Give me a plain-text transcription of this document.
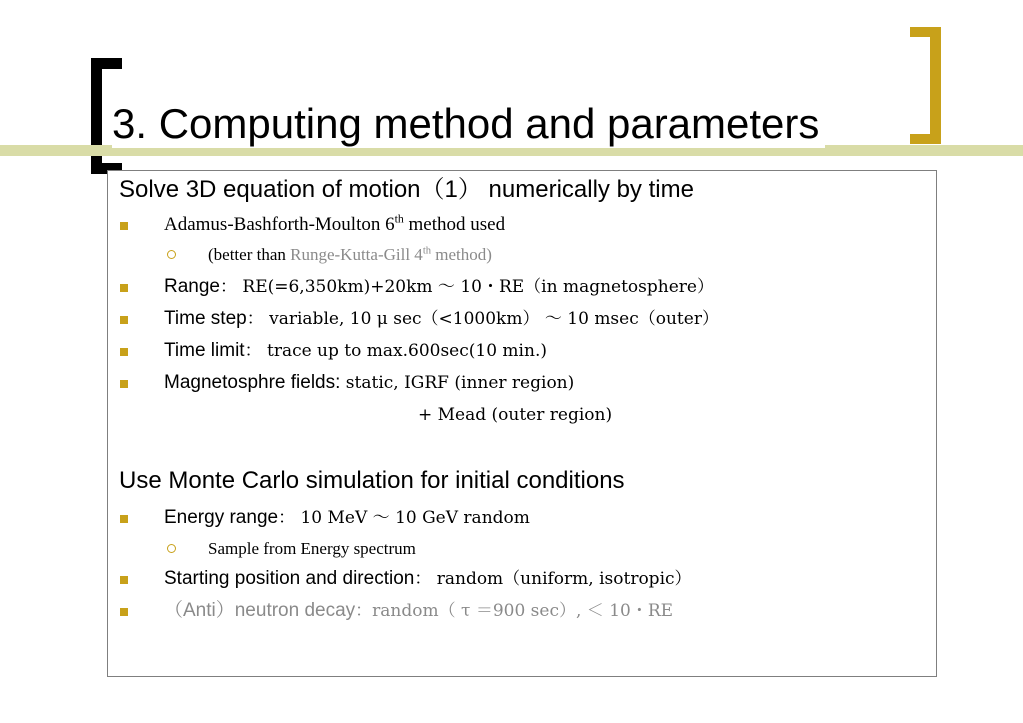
3. Computing method and parameters
Solve 3D equation of motion（1） numerically by time
Adamus-Bashforth-Moulton 6th method used
(better than Runge-Kutta-Gill 4th method)
Range： RE(=6,350km)+20km ～ 10・RE（in magnetosphere）
Time step： variable, 10 μ sec（<1000km） ～ 10 msec（outer）
Time limit： trace up to max.600sec(10 min.)
Magnetosphre fields: static, IGRF (inner region)
+ Mead (outer region)
Use Monte Carlo simulation for initial conditions
Energy range： 10 MeV ～ 10 GeV random
Sample from Energy spectrum
Starting position and direction： random（uniform, isotropic）
（Anti）neutron decay：random（ τ ＝900 sec）, ＜ 10・RE
